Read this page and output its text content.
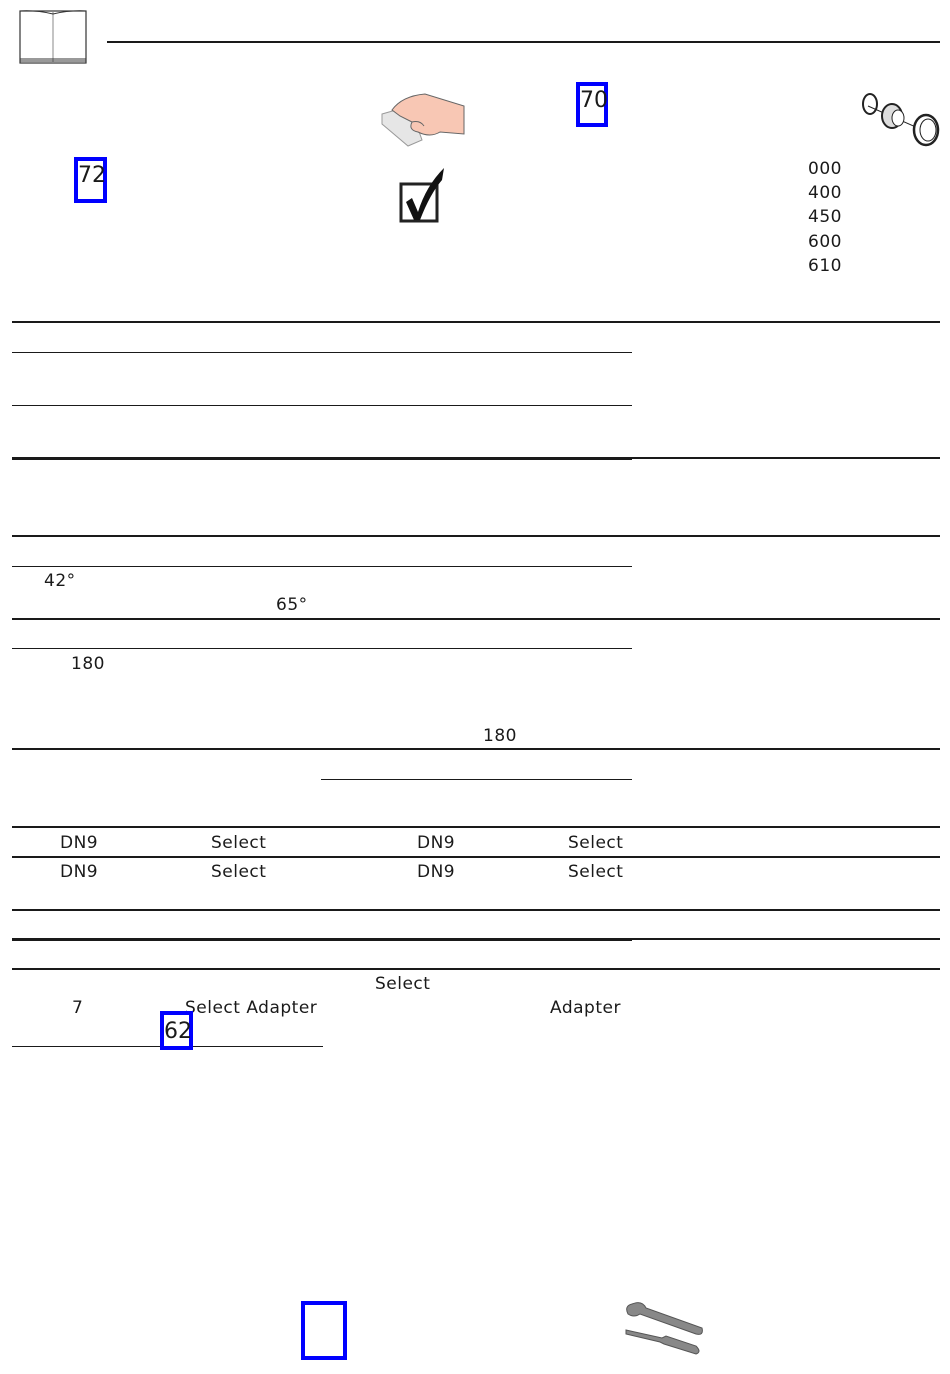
70
72	000
400
450
600
610
42°
65°
180
180
DN9	Select	DN9	Select
DN9	Select	DN9	Select
Select
7	Select Adapter	Adapter
62
